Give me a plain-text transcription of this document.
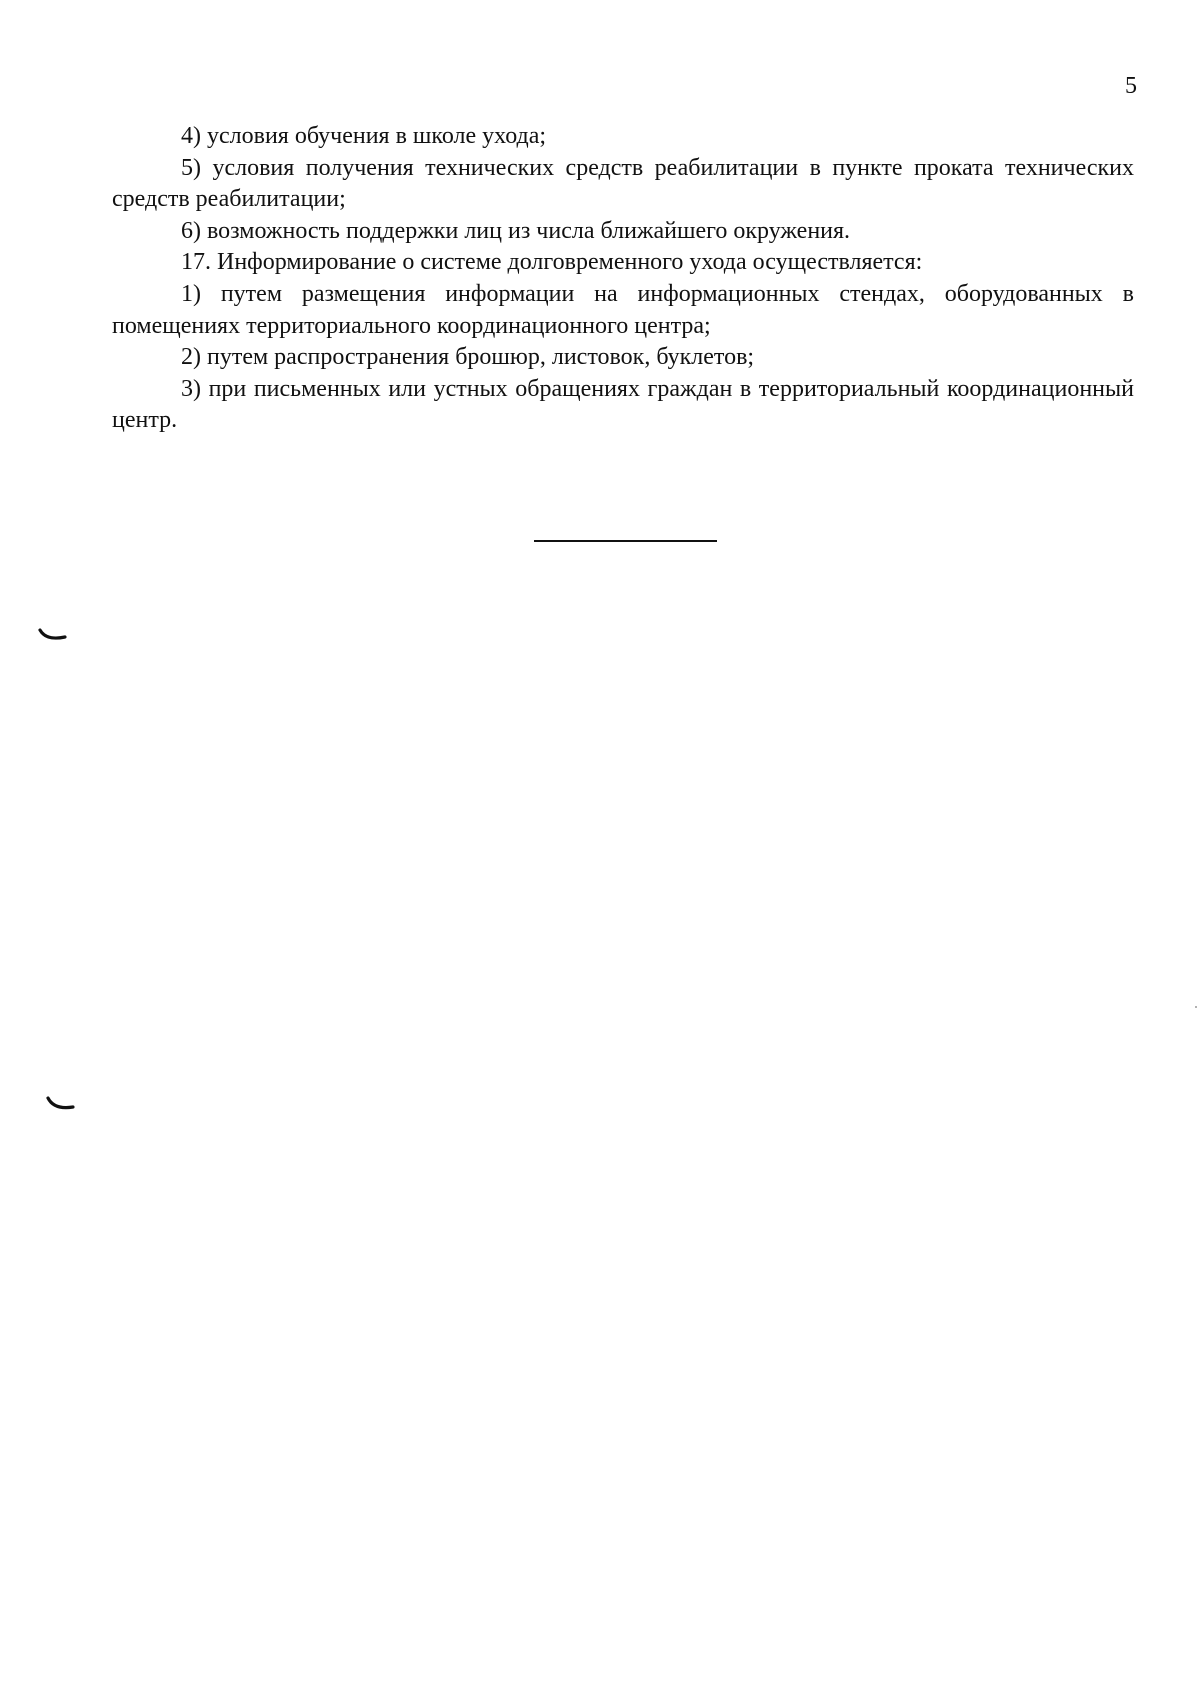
5

4) условия обучения в школе ухода;

5) условия получения технических средств реабилитации в пункте проката технических средств реабилитации;

6) возможность поддержки лиц из числа ближайшего окружения.

17. Информирование о системе долговременного ухода осуществляется:

1) путем размещения информации на информационных стендах, оборудованных в помещениях территориального координационного центра;

2) путем распространения брошюр, листовок, буклетов;

3) при письменных или устных обращениях граждан в территориальный координационный центр.
